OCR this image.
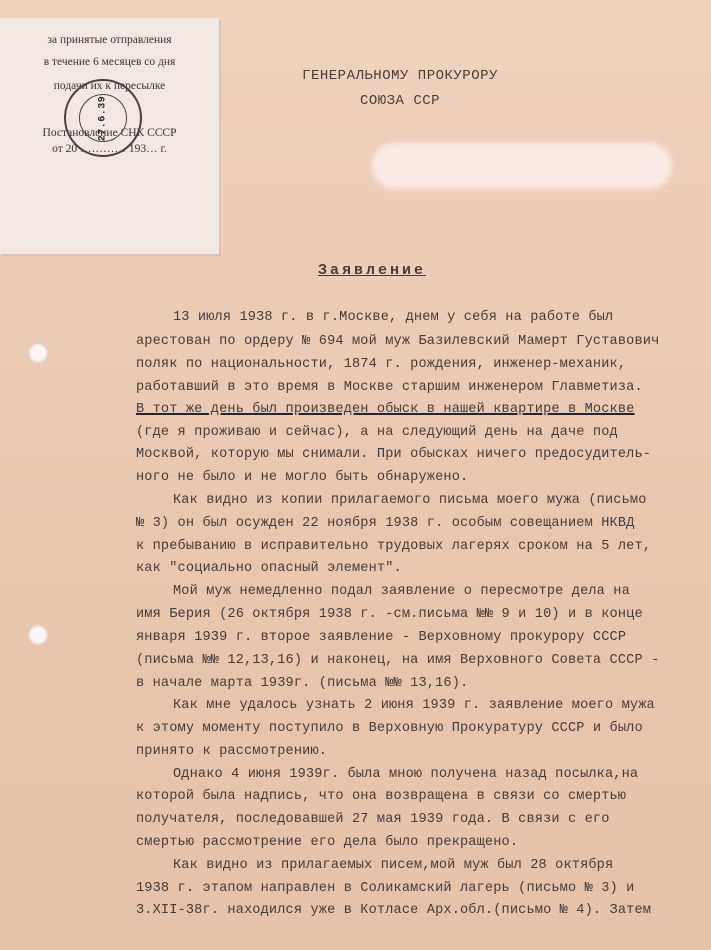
за принятые отправления
в течение 6 месяцев со дня
подачи их к пересылке
Постановление СНК СССР
от 20 ………… 193… г.
27.6.39
ГЕНЕРАЛЬНОМУ ПРОКУРОРУ
СОЮЗА ССР
Заявление
13 июля 1938 г. в г.Москве, днем у себя на работе был
арестован по ордеру № 694 мой муж Базилевский Мамерт Густавович
поляк по национальности, 1874 г. рождения, инженер-механик,
работавший в это время в Москве старшим инженером Главметиза.
В тот же день был произведен обыск в нашей квартире в Москве
(где я проживаю и сейчас), а на следующий день на даче под
Москвой, которую мы снимали. При обысках ничего предосудитель-
ного не было и не могло быть обнаружено.
Как видно из копии прилагаемого письма моего мужа (письмо
№ 3) он был осужден 22 ноября 1938 г. особым совещанием НКВД
к пребыванию в исправительно трудовых лагерях сроком на 5 лет,
как "социально опасный элемент".
Мой муж немедленно подал заявление о пересмотре дела на
имя Берия (26 октября 1938 г. -см.письма №№ 9 и 10) и в конце
января 1939 г. второе заявление - Верховному прокурору СССР
(письма №№ 12,13,16) и наконец, на имя Верховного Совета СССР -
в начале марта 1939г. (письма №№ 13,16).
Как мне удалось узнать 2 июня 1939 г. заявление моего мужа
к этому моменту поступило в Верховную Прокуратуру СССР и было
принято к рассмотрению.
Однако 4 июня 1939г. была мною получена назад посылка,на
которой была надпись, что она возвращена в связи со смертью
получателя, последовавшей 27 мая 1939 года. В связи с его
смертью рассмотрение его дела было прекращено.
Как видно из прилагаемых писем,мой муж был 28 октября
1938 г. этапом направлен в Соликамский лагерь (письмо № 3) и
3.XII-38г. находился уже в Котласе Арх.обл.(письмо № 4). Затем
